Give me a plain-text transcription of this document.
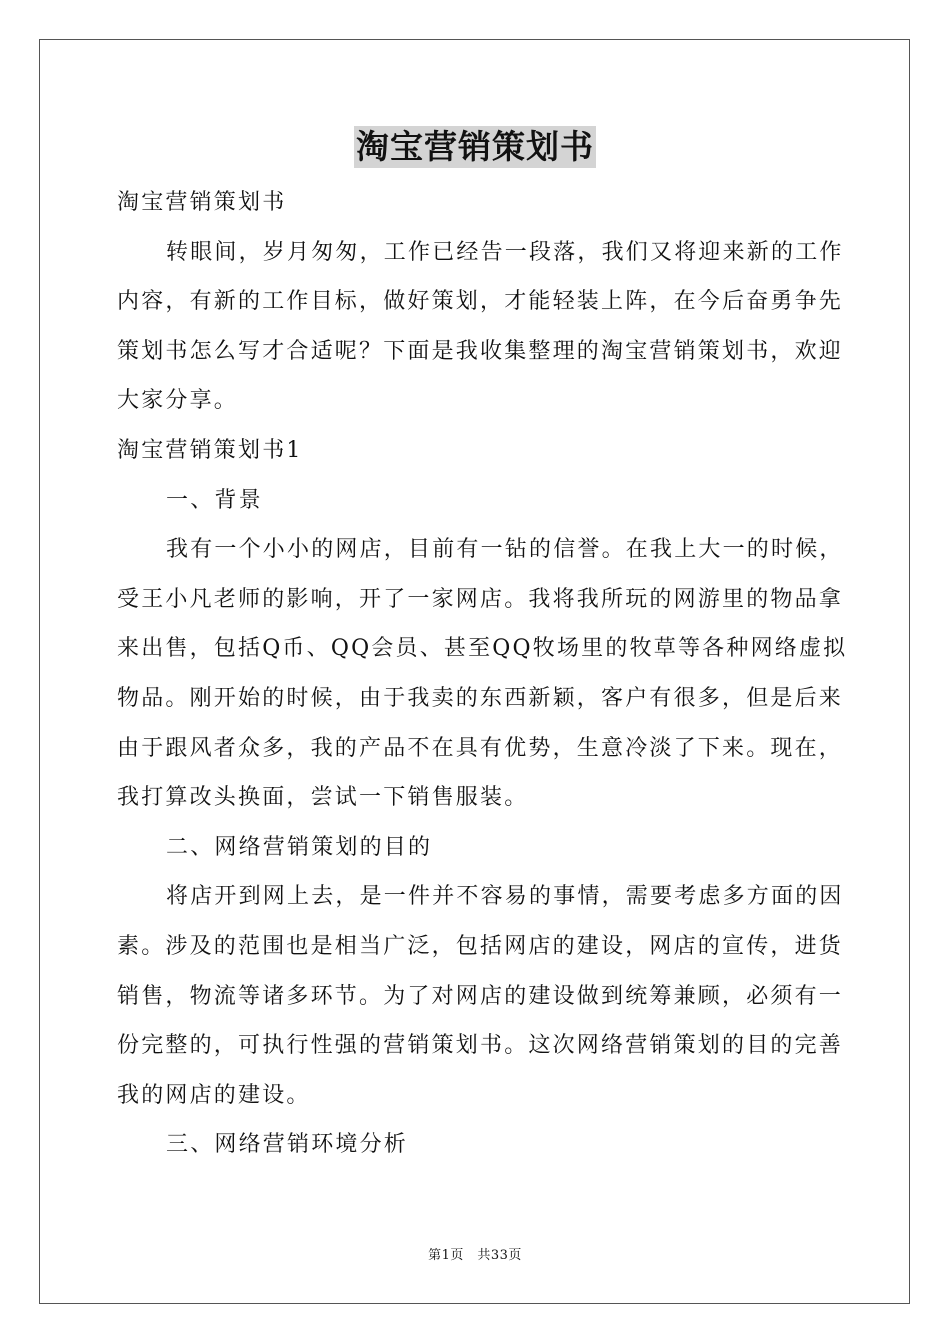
淘宝营销策划书

淘宝营销策划书

转眼间，岁月匆匆，工作已经告一段落，我们又将迎来新的工作

内容，有新的工作目标，做好策划，才能轻装上阵，在今后奋勇争先

策划书怎么写才合适呢？下面是我收集整理的淘宝营销策划书，欢迎

大家分享。

淘宝营销策划书1

一、背景

我有一个小小的网店，目前有一钻的信誉。在我上大一的时候，

受王小凡老师的影响，开了一家网店。我将我所玩的网游里的物品拿

来出售，包括Q币、QQ会员、甚至QQ牧场里的牧草等各种网络虚拟

物品。刚开始的时候，由于我卖的东西新颖，客户有很多，但是后来

由于跟风者众多，我的产品不在具有优势，生意冷淡了下来。现在，

我打算改头换面，尝试一下销售服装。

二、网络营销策划的目的

将店开到网上去，是一件并不容易的事情，需要考虑多方面的因

素。涉及的范围也是相当广泛，包括网店的建设，网店的宣传，进货

销售，物流等诸多环节。为了对网店的建设做到统筹兼顾，必须有一

份完整的，可执行性强的营销策划书。这次网络营销策划的目的完善

我的网店的建设。

三、网络营销环境分析

第1页　共33页
